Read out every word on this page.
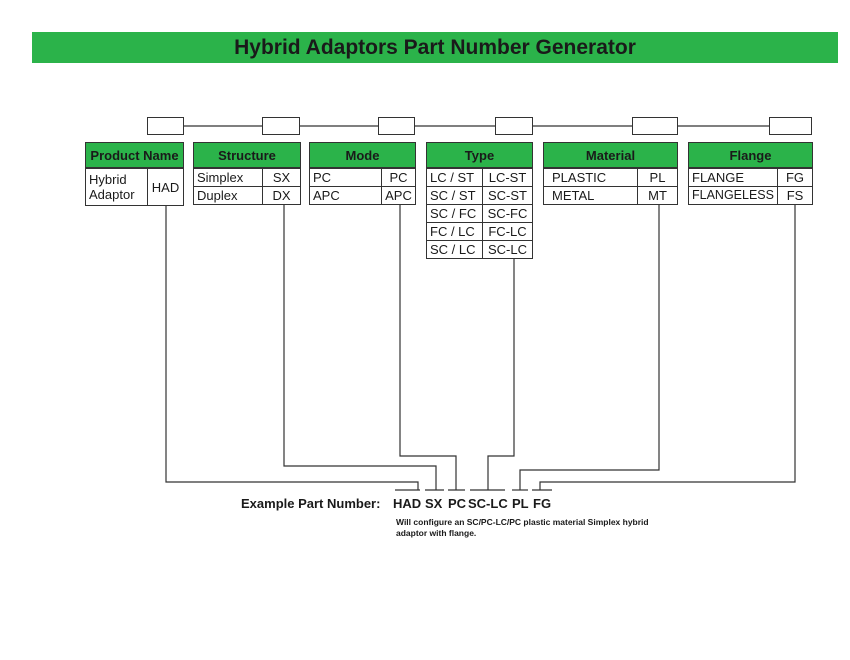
Hybrid Adaptors Part Number Generator
Product Name	Structure	Mode	Type	Material	Flange
Hybrid Adaptor	HAD
Simplex	SX
Duplex	DX
PC	PC
APC	APC
LC / ST	LC-ST
SC / ST	SC-ST
SC / FC	SC-FC
FC / LC	FC-LC
SC / LC	SC-LC
PLASTIC	PL
METAL	MT
FLANGE	FG
FLANGELESS	FS
Example Part Number: HAD SX PC SC-LC PL FG
Will configure an SC/PC-LC/PC plastic material Simplex hybrid adaptor with flange.
